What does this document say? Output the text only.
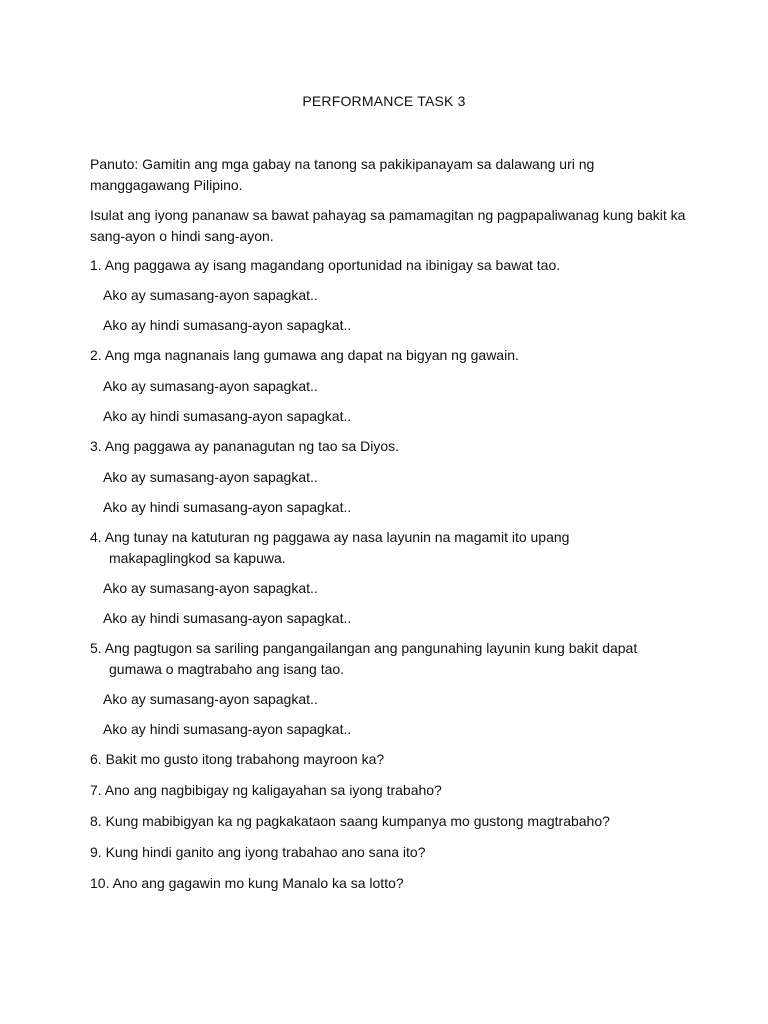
PERFORMANCE TASK 3
Panuto: Gamitin ang mga gabay na tanong sa pakikipanayam sa dalawang uri ng manggagawang Pilipino.
Isulat ang iyong pananaw sa bawat pahayag sa pamamagitan ng pagpapaliwanag kung bakit ka sang-ayon o hindi sang-ayon.
1. Ang paggawa ay isang magandang oportunidad na ibinigay sa bawat tao.
Ako ay sumasang-ayon sapagkat..
Ako ay hindi sumasang-ayon sapagkat..
2. Ang mga nagnanais lang gumawa ang dapat na bigyan ng gawain.
Ako ay sumasang-ayon sapagkat..
Ako ay hindi sumasang-ayon sapagkat..
3. Ang paggawa ay pananagutan ng tao sa Diyos.
Ako ay sumasang-ayon sapagkat..
Ako ay hindi sumasang-ayon sapagkat..
4. Ang tunay na katuturan ng paggawa ay nasa layunin na magamit ito upang
makapaglingkod sa kapuwa.
Ako ay sumasang-ayon sapagkat..
Ako ay hindi sumasang-ayon sapagkat..
5. Ang pagtugon sa sariling pangangailangan ang pangunahing layunin kung bakit dapat
gumawa o magtrabaho ang isang tao.
Ako ay sumasang-ayon sapagkat..
Ako ay hindi sumasang-ayon sapagkat..
6. Bakit mo gusto itong trabahong mayroon ka?
7. Ano ang nagbibigay ng kaligayahan sa iyong trabaho?
8. Kung mabibigyan ka ng pagkakataon saang kumpanya mo gustong magtrabaho?
9. Kung hindi ganito ang iyong trabahao ano sana ito?
10. Ano ang gagawin mo kung Manalo ka sa lotto?
